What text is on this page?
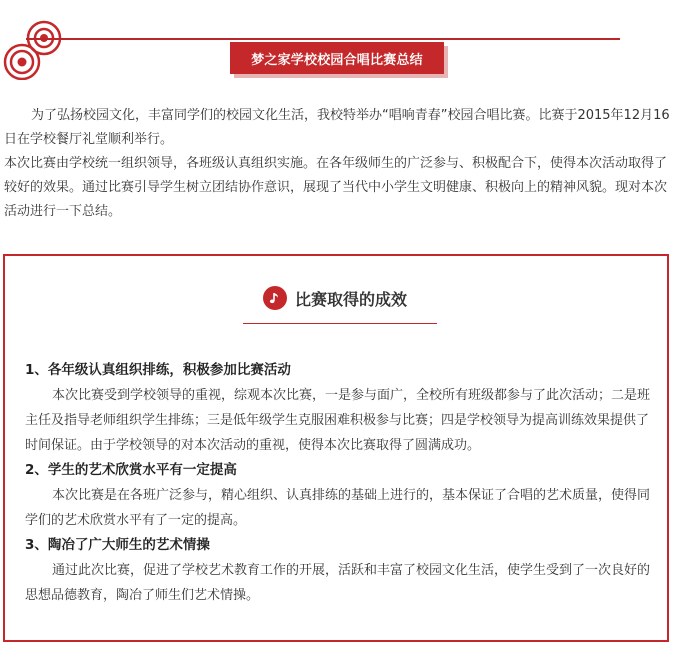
梦之家学校校园合唱比赛总结

为了弘扬校园文化，丰富同学们的校园文化生活，我校特举办“唱响青春”校园合唱比赛。比赛于2015年12月16日在学校餐厅礼堂顺利举行。

本次比赛由学校统一组织领导，各班级认真组织实施。在各年级师生的广泛参与、积极配合下，使得本次活动取得了较好的效果。通过比赛引导学生树立团结协作意识，展现了当代中小学生文明健康、积极向上的精神风貌。现对本次活动进行一下总结。

比赛取得的成效
1、各年级认真组织排练，积极参加比赛活动
本次比赛受到学校领导的重视，综观本次比赛，一是参与面广，全校所有班级都参与了此次活动；二是班主任及指导老师组织学生排练；三是低年级学生克服困难积极参与比赛；四是学校领导为提高训练效果提供了时间保证。由于学校领导的对本次活动的重视，使得本次比赛取得了圆满成功。
2、学生的艺术欣赏水平有一定提高
本次比赛是在各班广泛参与，精心组织、认真排练的基础上进行的，基本保证了合唱的艺术质量，使得同学们的艺术欣赏水平有了一定的提高。
3、陶冶了广大师生的艺术情操
通过此次比赛，促进了学校艺术教育工作的开展，活跃和丰富了校园文化生活，使学生受到了一次良好的思想品德教育，陶冶了师生们艺术情操。
